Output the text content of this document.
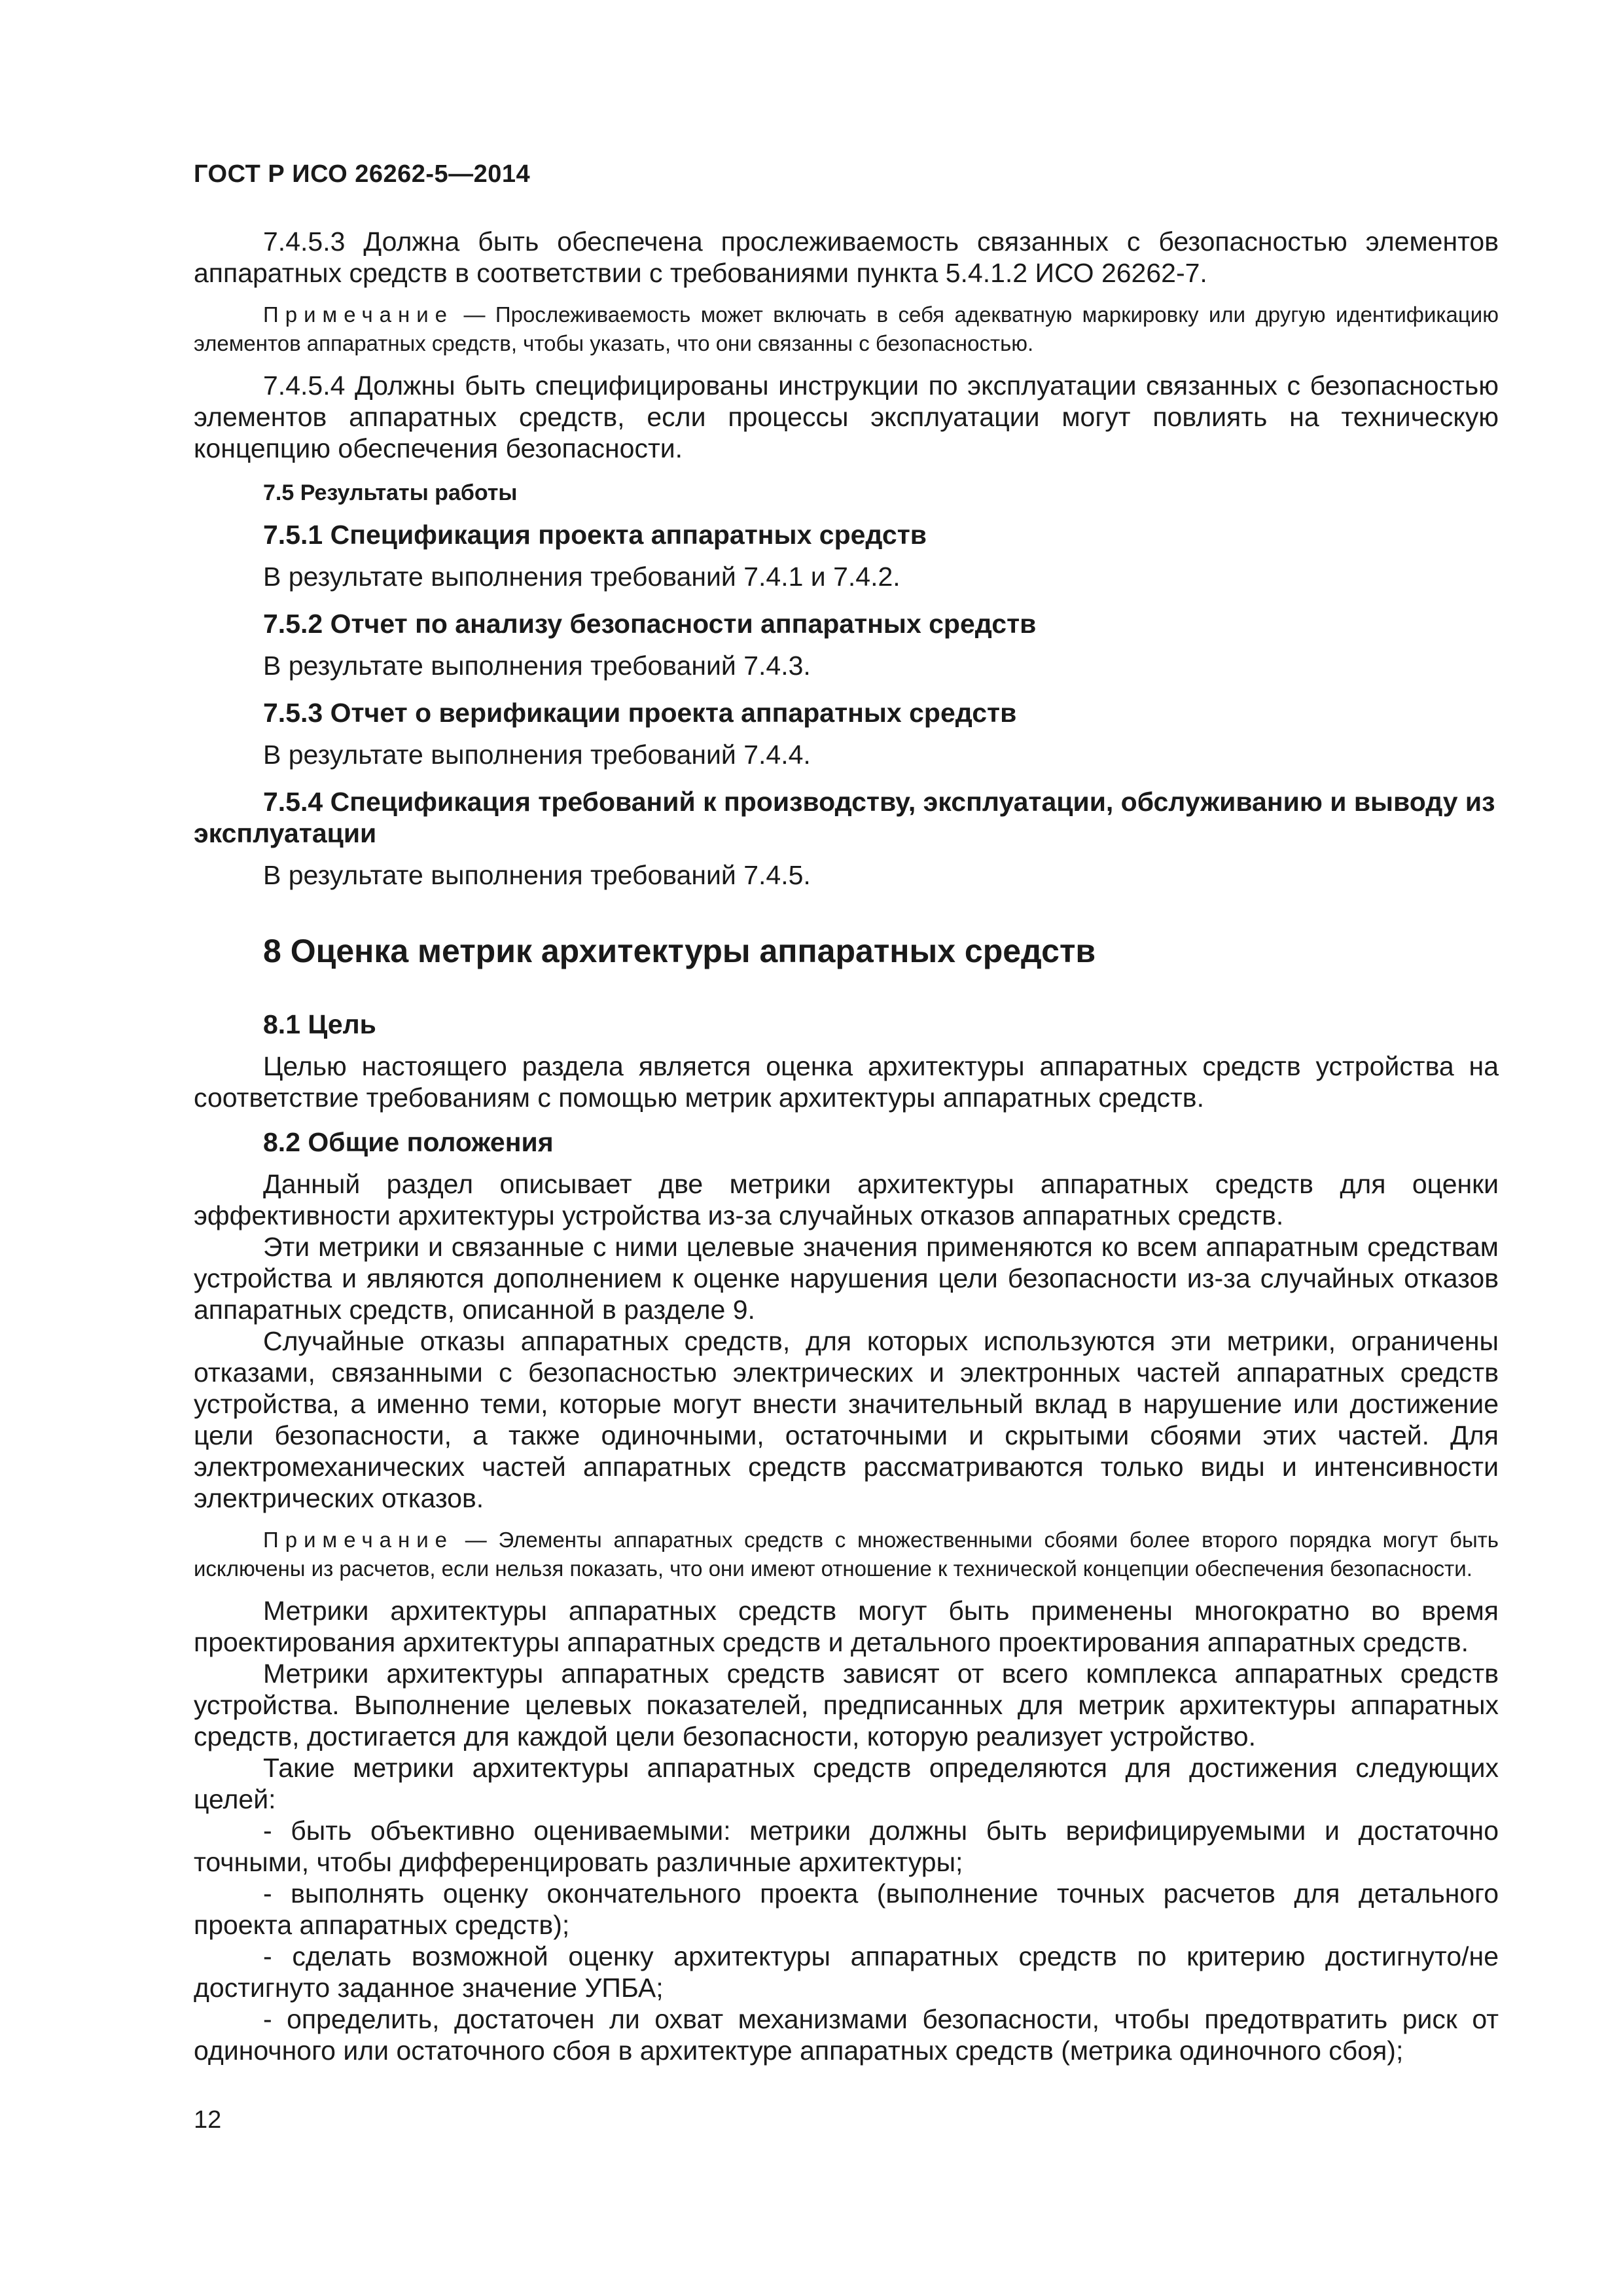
ГОСТ Р ИСО 26262-5—2014

7.4.5.3 Должна быть обеспечена прослеживаемость связанных с безопасностью элементов аппаратных средств в соответствии с требованиями пункта 5.4.1.2 ИСО 26262-7.

Примечание — Прослеживаемость может включать в себя адекватную маркировку или другую идентификацию элементов аппаратных средств, чтобы указать, что они связанны с безопасностью.

7.4.5.4 Должны быть специфицированы инструкции по эксплуатации связанных с безопасностью элементов аппаратных средств, если процессы эксплуатации могут повлиять на техническую концепцию обеспечения безопасности.

7.5 Результаты работы
7.5.1 Спецификация проекта аппаратных средств

В результате выполнения требований 7.4.1 и 7.4.2.

7.5.2 Отчет по анализу безопасности аппаратных средств

В результате выполнения требований 7.4.3.

7.5.3 Отчет о верификации проекта аппаратных средств

В результате выполнения требований 7.4.4.

7.5.4 Спецификация требований к производству, эксплуатации, обслуживанию и выводу из эксплуатации

В результате выполнения требований 7.4.5.

8 Оценка метрик архитектуры аппаратных средств
8.1 Цель

Целью настоящего раздела является оценка архитектуры аппаратных средств устройства на соответствие требованиям с помощью метрик архитектуры аппаратных средств.

8.2 Общие положения

Данный раздел описывает две метрики архитектуры аппаратных средств для оценки эффективности архитектуры устройства из-за случайных отказов аппаратных средств.

Эти метрики и связанные с ними целевые значения применяются ко всем аппаратным средствам устройства и являются дополнением к оценке нарушения цели безопасности из-за случайных отказов аппаратных средств, описанной в разделе 9.

Случайные отказы аппаратных средств, для которых используются эти метрики, ограничены отказами, связанными с безопасностью электрических и электронных частей аппаратных средств устройства, а именно теми, которые могут внести значительный вклад в нарушение или достижение цели безопасности, а также одиночными, остаточными и скрытыми сбоями этих частей. Для электромеханических частей аппаратных средств рассматриваются только виды и интенсивности электрических отказов.

Примечание — Элементы аппаратных средств с множественными сбоями более второго порядка могут быть исключены из расчетов, если нельзя показать, что они имеют отношение к технической концепции обеспечения безопасности.

Метрики архитектуры аппаратных средств могут быть применены многократно во время проектирования архитектуры аппаратных средств и детального проектирования аппаратных средств.

Метрики архитектуры аппаратных средств зависят от всего комплекса аппаратных средств устройства. Выполнение целевых показателей, предписанных для метрик архитектуры аппаратных средств, достигается для каждой цели безопасности, которую реализует устройство.

Такие метрики архитектуры аппаратных средств определяются для достижения следующих целей:

- быть объективно оцениваемыми: метрики должны быть верифицируемыми и достаточно точными, чтобы дифференцировать различные архитектуры;

- выполнять оценку окончательного проекта (выполнение точных расчетов для детального проекта аппаратных средств);

- сделать возможной оценку архитектуры аппаратных средств по критерию достигнуто/не достигнуто заданное значение УПБА;

- определить, достаточен ли охват механизмами безопасности, чтобы предотвратить риск от одиночного или остаточного сбоя в архитектуре аппаратных средств (метрика одиночного сбоя);

12
